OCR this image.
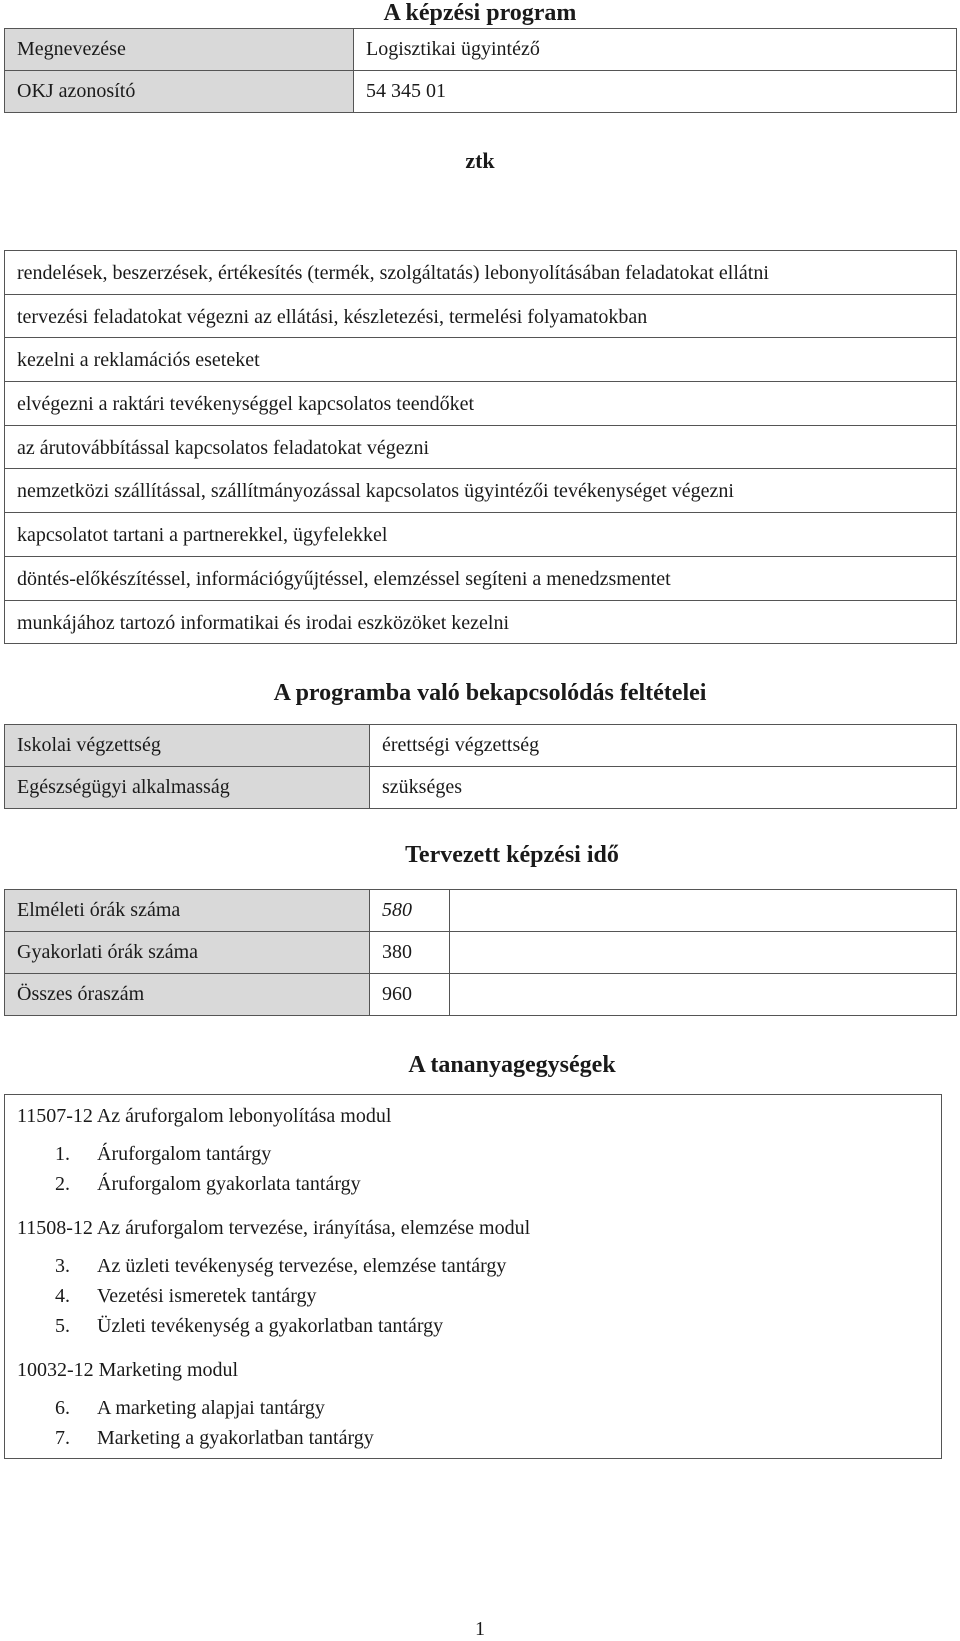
A képzési program
Megnevezése	Logisztikai ügyintéző
OKJ azonosító	54 345 01
ztk
rendelések, beszerzések, értékesítés (termék, szolgáltatás) lebonyolításában feladatokat ellátni
tervezési feladatokat végezni az ellátási, készletezési, termelési folyamatokban
kezelni a reklamációs eseteket
elvégezni a raktári tevékenységgel kapcsolatos teendőket
az árutovábbítással kapcsolatos feladatokat végezni
nemzetközi szállítással, szállítmányozással kapcsolatos ügyintézői tevékenységet végezni
kapcsolatot tartani a partnerekkel, ügyfelekkel
döntés-előkészítéssel, információgyűjtéssel, elemzéssel segíteni a menedzsmentet
munkájához tartozó informatikai és irodai eszközöket kezelni
A programba való bekapcsolódás feltételei
Iskolai végzettség	érettségi végzettség
Egészségügyi alkalmasság	szükséges
Tervezett képzési idő
Elméleti órák száma	580	
Gyakorlati órák száma	380	
Összes óraszám	960	
A tananyagegységek
11507-12 Az áruforgalom lebonyolítása modul
1. Áruforgalom tantárgy
2. Áruforgalom gyakorlata tantárgy
11508-12 Az áruforgalom tervezése, irányítása, elemzése modul
3. Az üzleti tevékenység tervezése, elemzése tantárgy
4. Vezetési ismeretek tantárgy
5. Üzleti tevékenység a gyakorlatban tantárgy
10032-12 Marketing modul
6. A marketing alapjai tantárgy
7. Marketing a gyakorlatban tantárgy
1
